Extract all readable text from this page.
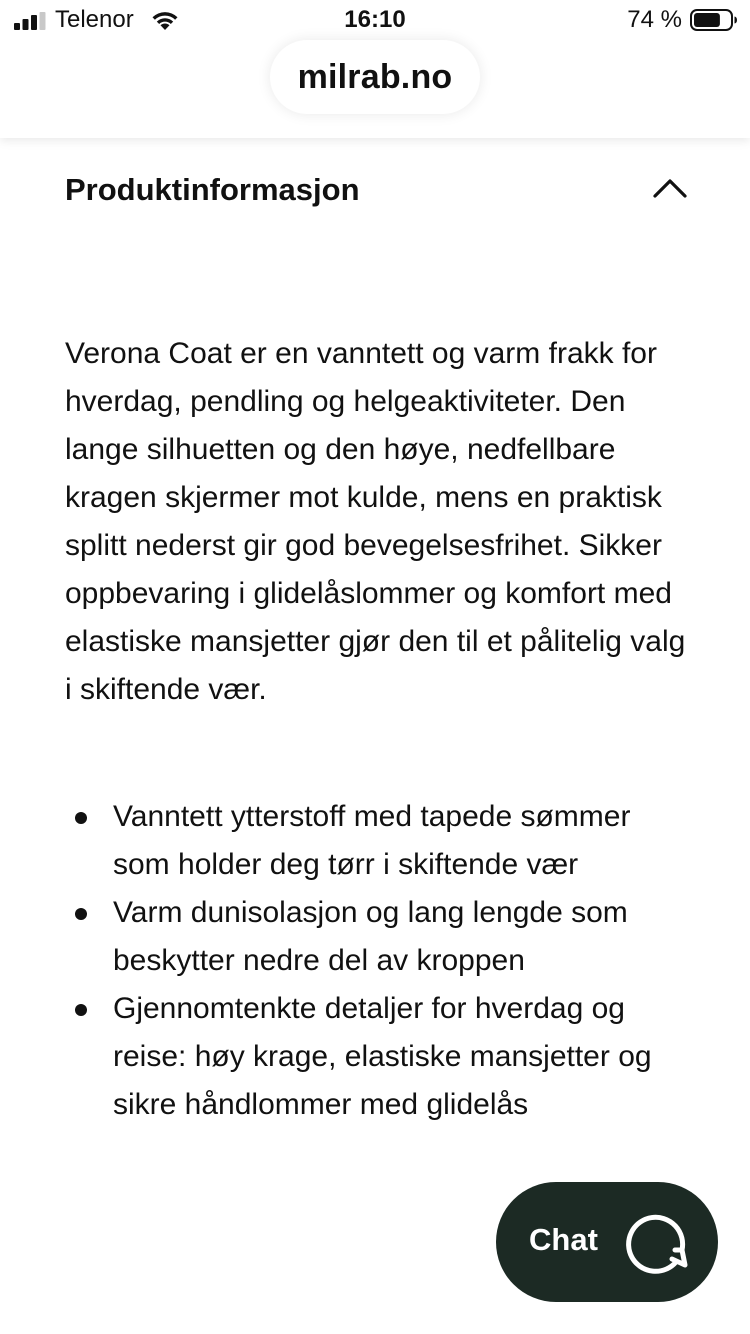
Telenor	16:10	74 %
milrab.no
Produktinformasjon

Verona Coat er en vanntett og varm frakk for hverdag, pendling og helgeaktiviteter. Den lange silhuetten og den høye, nedfellbare kragen skjermer mot kulde, mens en praktisk splitt nederst gir god bevegelsesfrihet. Sikker oppbevaring i glidelåslommer og komfort med elastiske mansjetter gjør den til et pålitelig valg i skiftende vær.

Vanntett ytterstoff med tapede sømmer som holder deg tørr i skiftende vær
Varm dunisolasjon og lang lengde som beskytter nedre del av kroppen
Gjennomtenkte detaljer for hverdag og reise: høy krage, elastiske mansjetter og sikre håndlommer med glidelås
Chat
